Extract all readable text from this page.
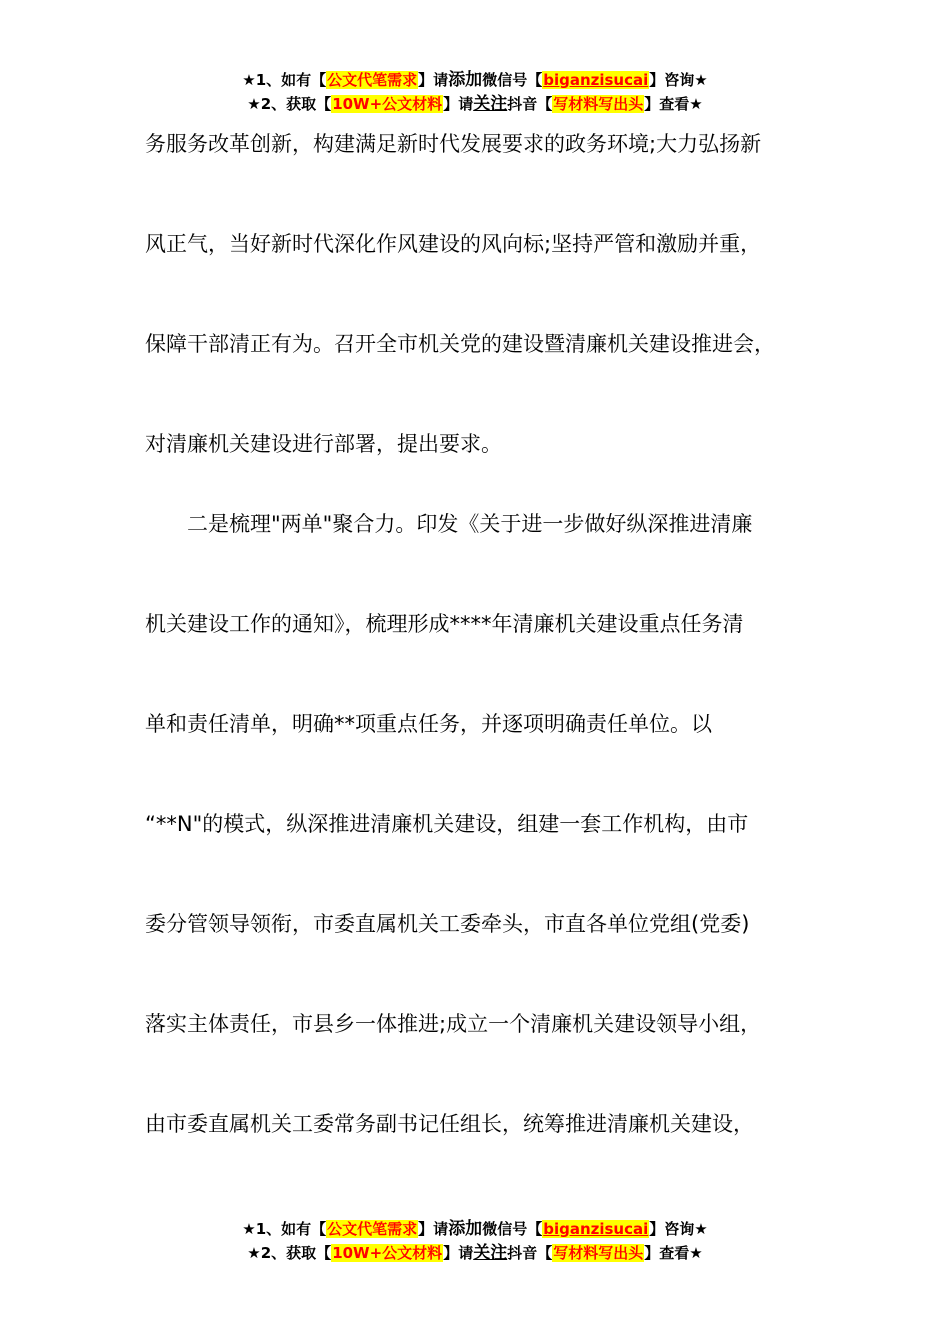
★1、如有【公文代笔需求】请添加微信号【biganzisucai】咨询★
★2、获取【10W+公文材料】请关注抖音【写材料写出头】查看★
务服务改革创新，构建满足新时代发展要求的政务环境;大力弘扬新
风正气，当好新时代深化作风建设的风向标;坚持严管和激励并重，
保障干部清正有为。召开全市机关党的建设暨清廉机关建设推进会，
对清廉机关建设进行部署，提出要求。
　　二是梳理"两单"聚合力。印发《关于进一步做好纵深推进清廉
机关建设工作的通知》，梳理形成****年清廉机关建设重点任务清
单和责任清单，明确**项重点任务，并逐项明确责任单位。以
“**N"的模式，纵深推进清廉机关建设，组建一套工作机构，由市
委分管领导领衔，市委直属机关工委牵头，市直各单位党组(党委)
落实主体责任，市县乡一体推进;成立一个清廉机关建设领导小组，
由市委直属机关工委常务副书记任组长，统筹推进清廉机关建设，
★1、如有【公文代笔需求】请添加微信号【biganzisucai】咨询★
★2、获取【10W+公文材料】请关注抖音【写材料写出头】查看★
